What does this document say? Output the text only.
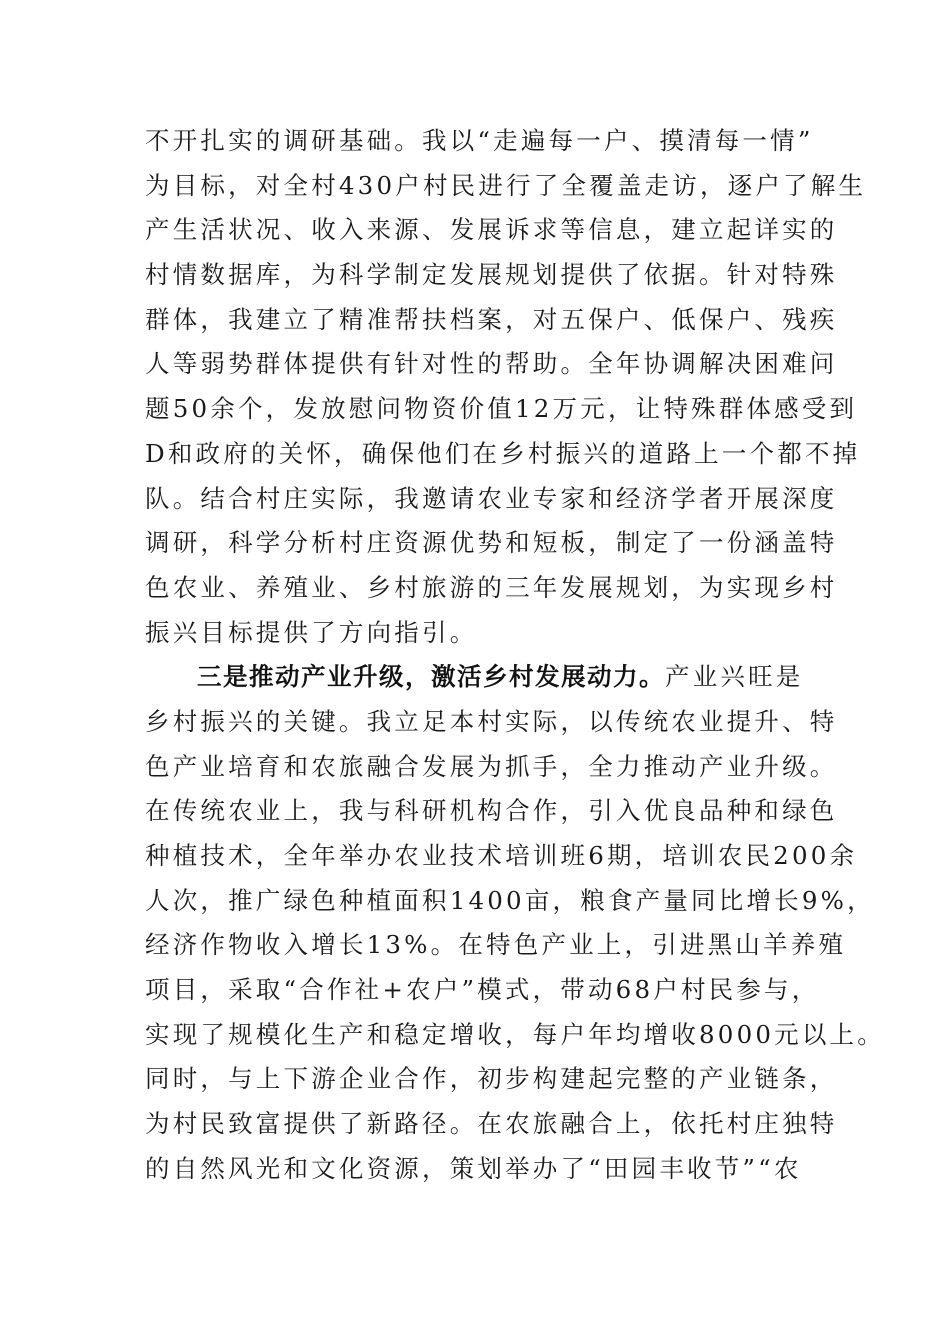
不开扎实的调研基础。我以“走遍每一户、摸清每一情”
为目标，对全村430户村民进行了全覆盖走访，逐户了解生
产生活状况、收入来源、发展诉求等信息，建立起详实的
村情数据库，为科学制定发展规划提供了依据。针对特殊
群体，我建立了精准帮扶档案，对五保户、低保户、残疾
人等弱势群体提供有针对性的帮助。全年协调解决困难问
题50余个，发放慰问物资价值12万元，让特殊群体感受到
D和政府的关怀，确保他们在乡村振兴的道路上一个都不掉
队。结合村庄实际，我邀请农业专家和经济学者开展深度
调研，科学分析村庄资源优势和短板，制定了一份涵盖特
色农业、养殖业、乡村旅游的三年发展规划，为实现乡村
振兴目标提供了方向指引。
三是推动产业升级，激活乡村发展动力。产业兴旺是
乡村振兴的关键。我立足本村实际，以传统农业提升、特
色产业培育和农旅融合发展为抓手，全力推动产业升级。
在传统农业上，我与科研机构合作，引入优良品种和绿色
种植技术，全年举办农业技术培训班6期，培训农民200余
人次，推广绿色种植面积1400亩，粮食产量同比增长9%，
经济作物收入增长13%。在特色产业上，引进黑山羊养殖
项目，采取“合作社+农户”模式，带动68户村民参与，
实现了规模化生产和稳定增收，每户年均增收8000元以上。
同时，与上下游企业合作，初步构建起完整的产业链条，
为村民致富提供了新路径。在农旅融合上，依托村庄独特
的自然风光和文化资源，策划举办了“田园丰收节”“农
